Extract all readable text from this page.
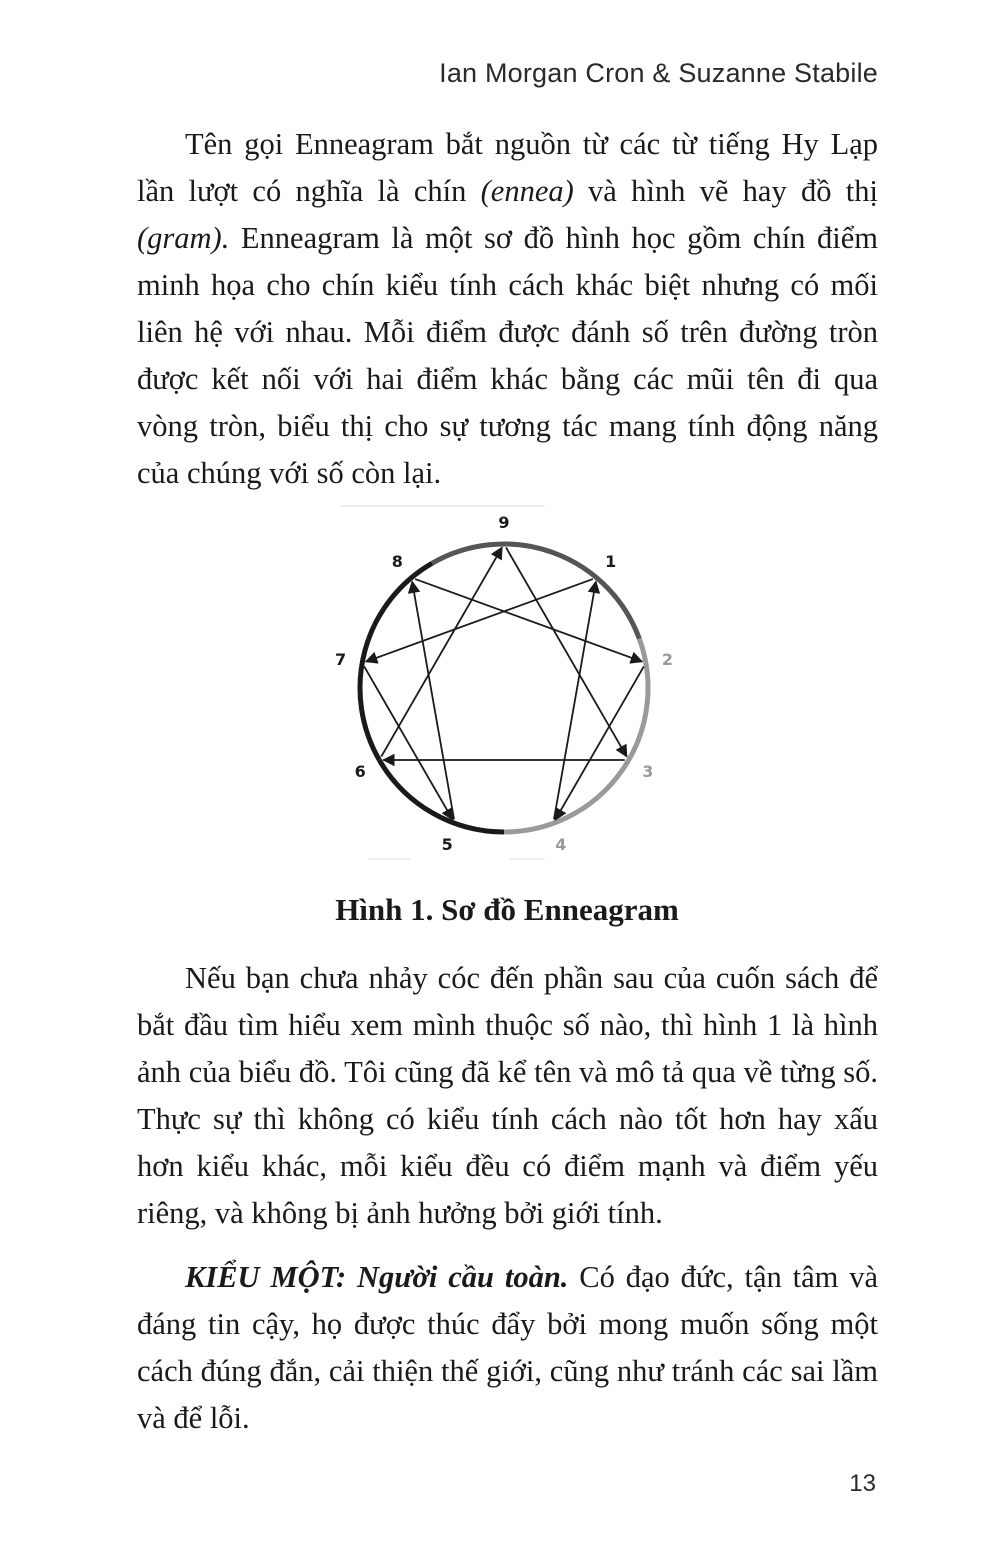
Ian Morgan Cron & Suzanne Stabile

Tên gọi Enneagram bắt nguồn từ các từ tiếng Hy Lạp lần lượt có nghĩa là chín (ennea) và hình vẽ hay đồ thị (gram). Enneagram là một sơ đồ hình học gồm chín điểm minh họa cho chín kiểu tính cách khác biệt nhưng có mối liên hệ với nhau. Mỗi điểm được đánh số trên đường tròn được kết nối với hai điểm khác bằng các mũi tên đi qua vòng tròn, biểu thị cho sự tương tác mang tính động năng của chúng với số còn lại.

9
1
2
3
4
5
6
7
8
Hình 1. Sơ đồ Enneagram

Nếu bạn chưa nhảy cóc đến phần sau của cuốn sách để bắt đầu tìm hiểu xem mình thuộc số nào, thì hình 1 là hình ảnh của biểu đồ. Tôi cũng đã kể tên và mô tả qua về từng số. Thực sự thì không có kiểu tính cách nào tốt hơn hay xấu hơn kiểu khác, mỗi kiểu đều có điểm mạnh và điểm yếu riêng, và không bị ảnh hưởng bởi giới tính.

KIỂU MỘT: Người cầu toàn. Có đạo đức, tận tâm và đáng tin cậy, họ được thúc đẩy bởi mong muốn sống một cách đúng đắn, cải thiện thế giới, cũng như tránh các sai lầm và để lỗi.

13
